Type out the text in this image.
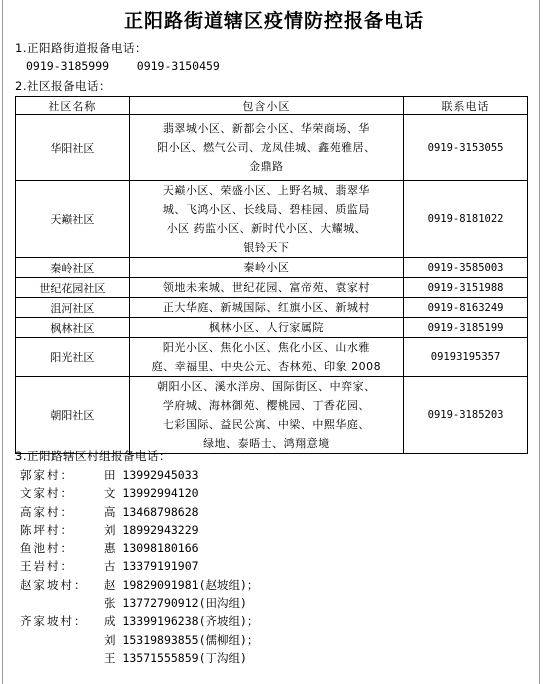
正阳路街道辖区疫情防控报备电话
1.正阳路街道报备电话：
0919-3185999    0919-3150459
2.社区报备电话：
社区名称	包含小区	联系电话
华阳社区	翡翠城小区、新都会小区、华荣商场、华
阳小区、燃气公司、龙凤佳城、鑫苑雅居、
金鼎路	0919-3153055
天巅社区	天巅小区、荣盛小区、上野名城、翡翠华
城、飞鸿小区、长线局、碧桂园、质监局
小区 药监小区、新时代小区、大耀城、
银铃天下	0919-8181022
秦岭社区	秦岭小区	0919-3585003
世纪花园社区	领地未来城、世纪花园、富帝苑、袁家村	0919-3151988
沮河社区	正大华庭、新城国际、红旗小区、新城村	0919-8163249
枫林社区	枫林小区、人行家属院	0919-3185199
阳光社区	阳光小区、焦化小区、焦化小区、山水雅
庭、幸福里、中央公元、杏林苑、印象 2008	09193195357
朝阳社区	朝阳小区、溪水洋房、国际街区、中弈家、
学府城、海林御苑、樱桃园、丁香花园、
七彩国际、益民公寓、中梁、中熙华庭、
绿地、泰晤士、鸿翔意境	0919-3185203
3.正阳路辖区村组报备电话：
郭家村：	田 13992945033
文家村：	文 13992994120
高家村：	高 13468798628
陈坪村：	刘 18992943229
鱼池村：	惠 13098180166
王岩村：	古 13379191907
赵家坡村：	赵 19829091981(赵坡组)；
张 13772790912(田沟组)
齐家坡村：	成 13399196238(齐坡组)；
刘 15319893855(儒柳组)；
王 13571555859(丁沟组)
